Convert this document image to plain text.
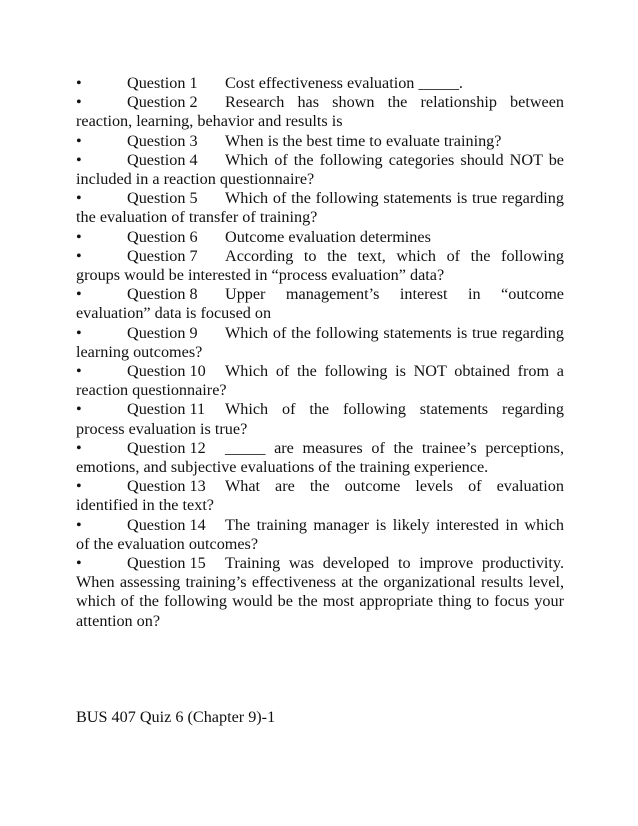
•	Question 1 Cost effectiveness evaluation _____.

•	Question 2 Research has shown the relationship between reaction, learning, behavior and results is

•	Question 3 When is the best time to evaluate training?

•	Question 4 Which of the following categories should NOT be included in a reaction questionnaire?

•	Question 5 Which of the following statements is true regarding the evaluation of transfer of training?

•	Question 6 Outcome evaluation determines

•	Question 7 According to the text, which of the following groups would be interested in “process evaluation” data?

•	Question 8 Upper management’s interest in “outcome evaluation” data is focused on

•	Question 9 Which of the following statements is true regarding learning outcomes?

•	Question 10 Which of the following is NOT obtained from a reaction questionnaire?

•	Question 11 Which of the following statements regarding process evaluation is true?

•	Question 12 _____ are measures of the trainee’s perceptions, emotions, and subjective evaluations of the training experience.

•	Question 13 What are the outcome levels of evaluation identified in the text?

•	Question 14 The training manager is likely interested in which of the evaluation outcomes?

•	Question 15 Training was developed to improve productivity. When assessing training’s effectiveness at the organizational results level, which of the following would be the most appropriate thing to focus your attention on?

BUS 407 Quiz 6 (Chapter 9)-1
